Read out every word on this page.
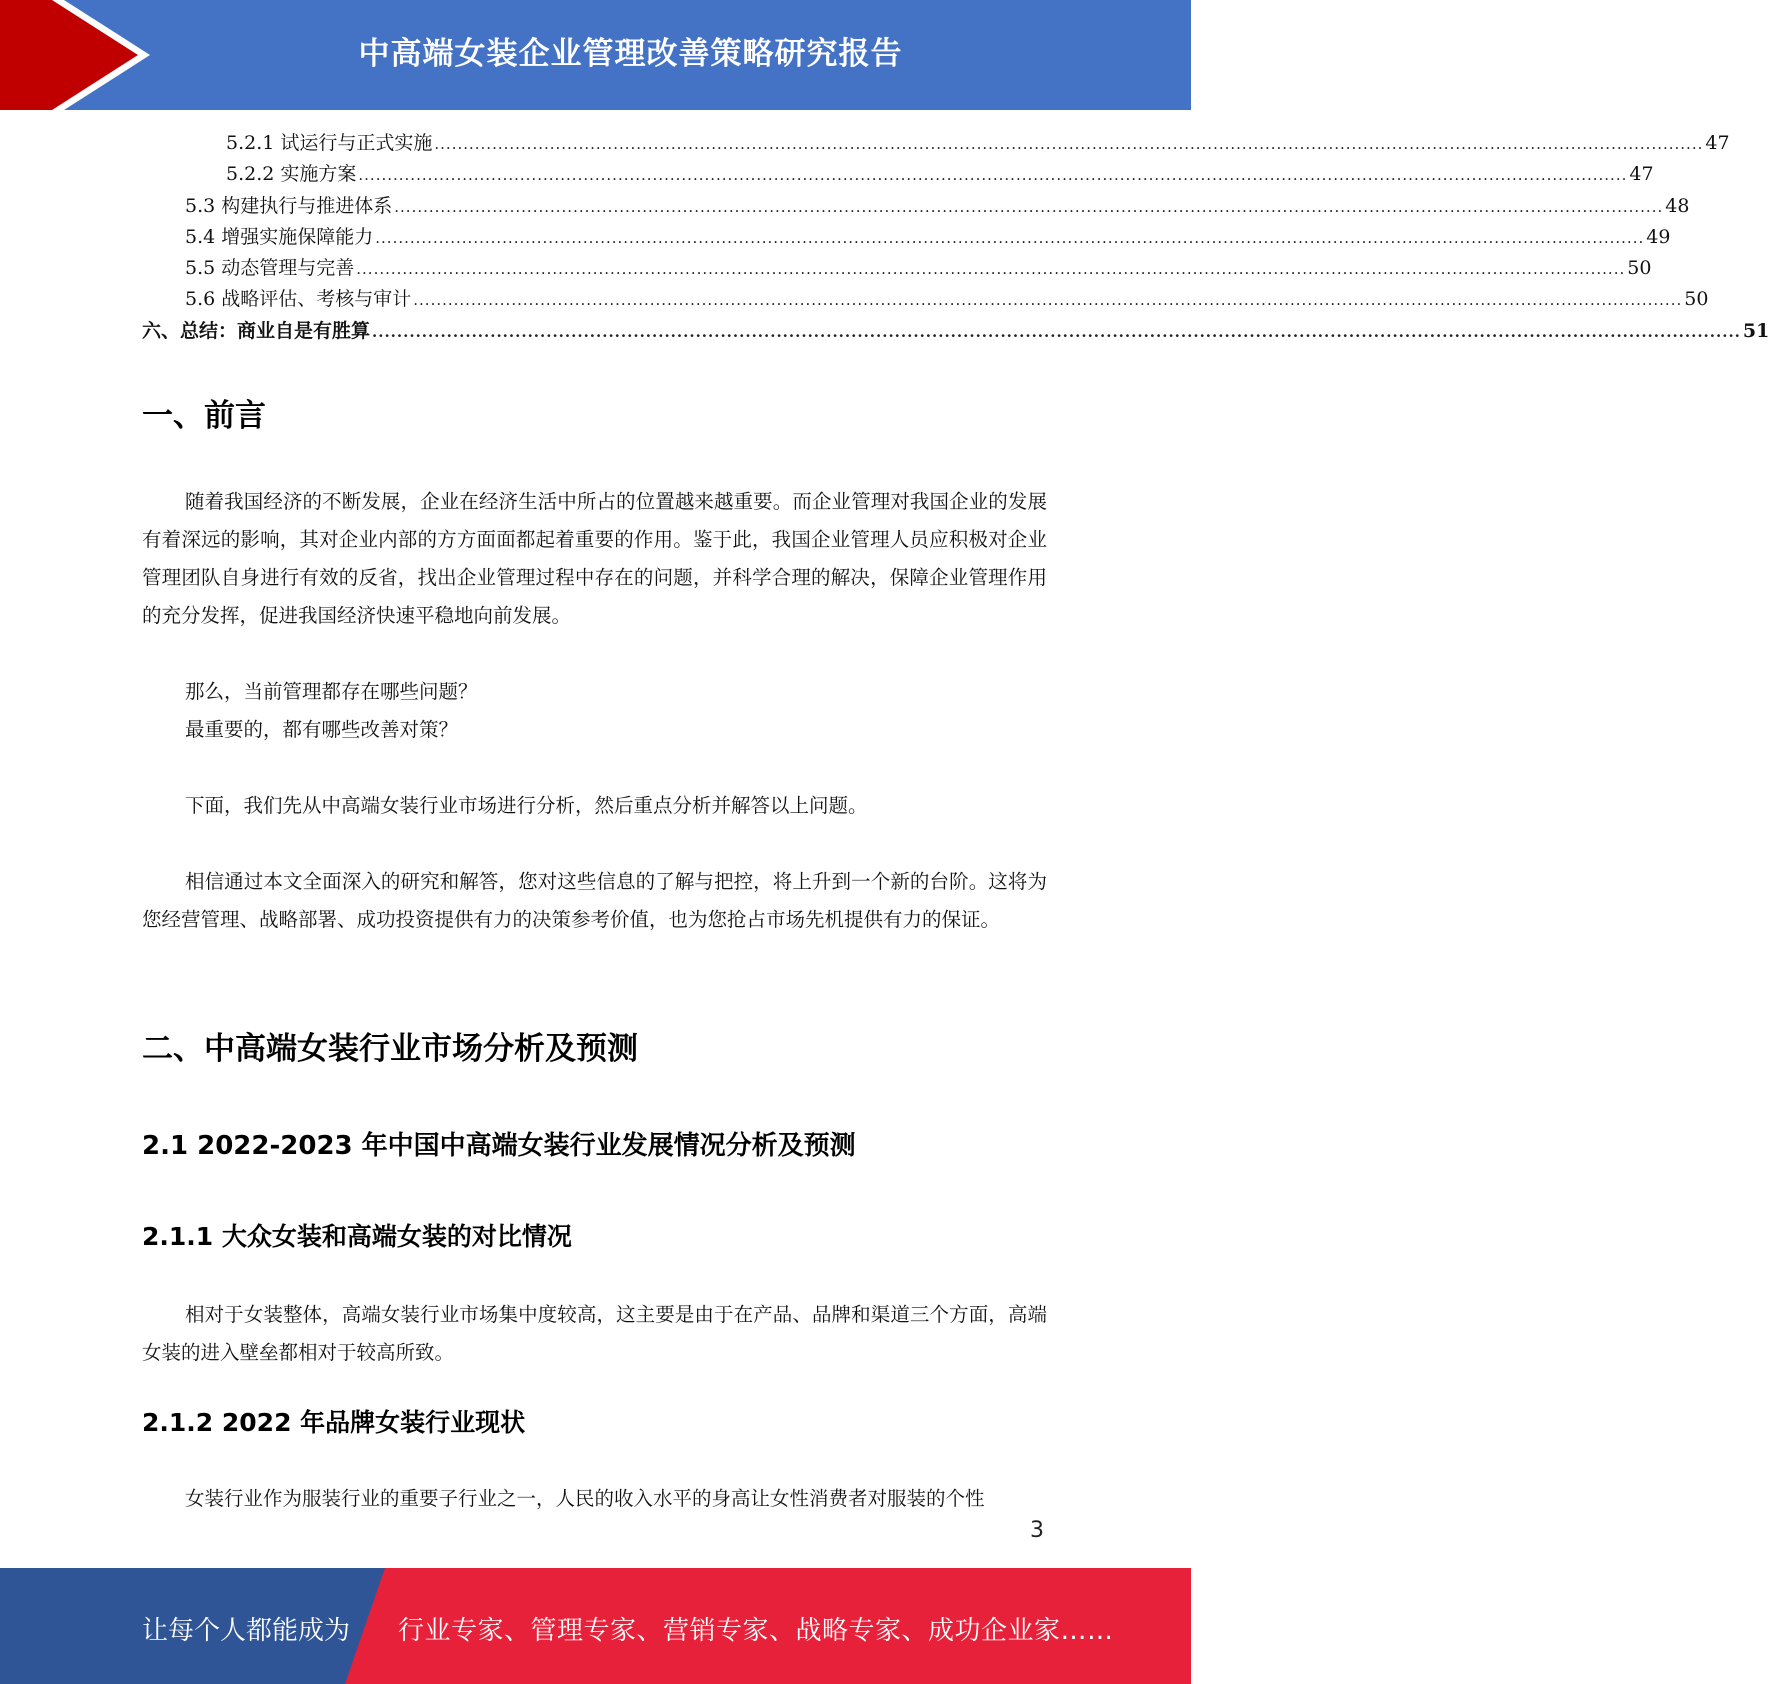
中高端女装企业管理改善策略研究报告
5.2.1 试运行与正式实施 ............................................................................................................................................................................................................................ 47
5.2.2 实施方案 ............................................................................................................................................................................................................................ 47
5.3 构建执行与推进体系 ............................................................................................................................................................................................................................ 48
5.4 增强实施保障能力 ............................................................................................................................................................................................................................ 49
5.5 动态管理与完善 ............................................................................................................................................................................................................................ 50
5.6 战略评估、考核与审计 ............................................................................................................................................................................................................................ 50
六、总结：商业自是有胜算 ............................................................................................................................................................................................................................ 51
一、前言
随着我国经济的不断发展，企业在经济生活中所占的位置越来越重要。而企业管理对我国企业的发展有着深远的影响，其对企业内部的方方面面都起着重要的作用。鉴于此，我国企业管理人员应积极对企业管理团队自身进行有效的反省，找出企业管理过程中存在的问题，并科学合理的解决，保障企业管理作用的充分发挥，促进我国经济快速平稳地向前发展。
那么，当前管理都存在哪些问题？
最重要的，都有哪些改善对策？
下面，我们先从中高端女装行业市场进行分析，然后重点分析并解答以上问题。
相信通过本文全面深入的研究和解答，您对这些信息的了解与把控，将上升到一个新的台阶。这将为您经营管理、战略部署、成功投资提供有力的决策参考价值，也为您抢占市场先机提供有力的保证。
二、中高端女装行业市场分析及预测
2.1 2022-2023 年中国中高端女装行业发展情况分析及预测
2.1.1 大众女装和高端女装的对比情况
相对于女装整体，高端女装行业市场集中度较高，这主要是由于在产品、品牌和渠道三个方面，高端女装的进入壁垒都相对于较高所致。
2.1.2 2022 年品牌女装行业现状
女装行业作为服装行业的重要子行业之一，人民的收入水平的身高让女性消费者对服装的个性
3
让每个人都能成为 行业专家、管理专家、营销专家、战略专家、成功企业家……
